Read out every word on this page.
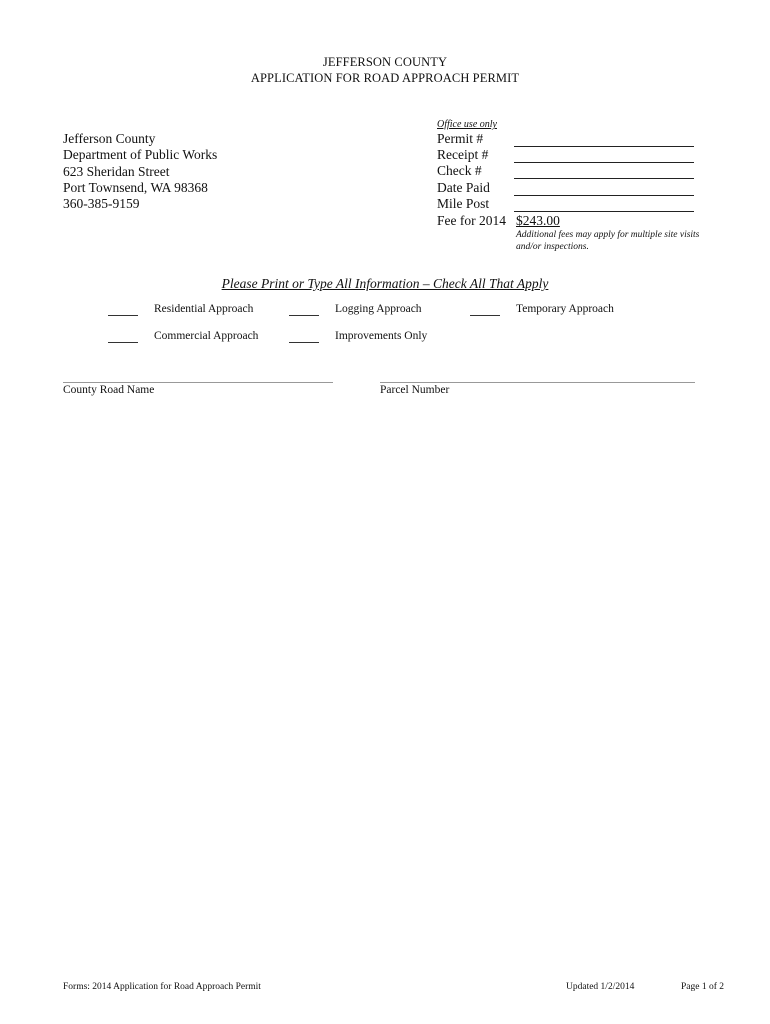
JEFFERSON COUNTY
APPLICATION FOR ROAD APPROACH PERMIT
Jefferson County
Department of Public Works
623 Sheridan Street
Port Townsend, WA 98368
360-385-9159
Office use only
Permit #
Receipt #
Check #
Date Paid
Mile Post
Fee for 2014 $243.00
Additional fees may apply for multiple site visits and/or inspections.
Please Print or Type All Information – Check All That Apply
Residential Approach	Logging Approach	Temporary Approach
Commercial Approach	Improvements Only
County Road Name	Parcel Number
Forms: 2014 Application for Road Approach Permit	Updated 1/2/2014	Page 1 of 2
